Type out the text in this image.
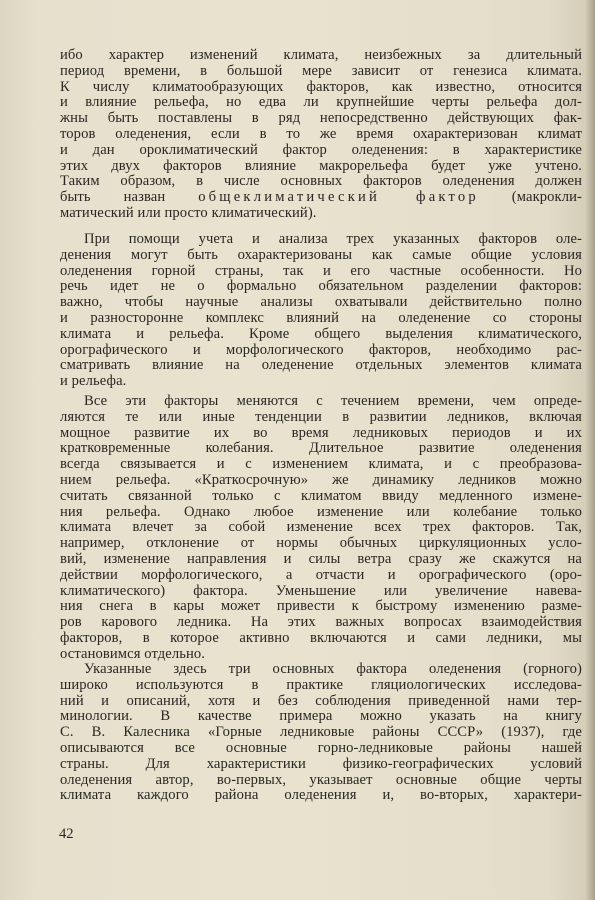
ибо характер изменений климата, неизбежных за длительный
период времени, в большой мере зависит от генезиса климата.
К числу климатообразующих факторов, как известно, относится
и влияние рельефа, но едва ли крупнейшие черты рельефа дол-
жны быть поставлены в ряд непосредственно действующих фак-
торов оледенения, если в то же время охарактеризован климат
и дан ороклиматический фактор оледенения: в характеристике
этих двух факторов влияние макрорельефа будет уже учтено.
Таким образом, в числе основных факторов оледенения должен
быть назван общеклиматический фактор (макрокли-
матический или просто климатический).
При помощи учета и анализа трех указанных факторов оле-
денения могут быть охарактеризованы как самые общие условия
оледенения горной страны, так и его частные особенности. Но
речь идет не о формально обязательном разделении факторов:
важно, чтобы научные анализы охватывали действительно полно
и разносторонне комплекс влияний на оледенение со стороны
климата и рельефа. Кроме общего выделения климатического,
орографического и морфологического факторов, необходимо рас-
сматривать влияние на оледенение отдельных элементов климата
и рельефа.
Все эти факторы меняются с течением времени, чем опреде-
ляются те или иные тенденции в развитии ледников, включая
мощное развитие их во время ледниковых периодов и их
кратковременные колебания. Длительное развитие оледенения
всегда связывается и с изменением климата, и с преобразова-
нием рельефа. «Краткосрочную» же динамику ледников можно
считать связанной только с климатом ввиду медленного измене-
ния рельефа. Однако любое изменение или колебание только
климата влечет за собой изменение всех трех факторов. Так,
например, отклонение от нормы обычных циркуляционных усло-
вий, изменение направления и силы ветра сразу же скажутся на
действии морфологического, а отчасти и орографического (оро-
климатического) фактора. Уменьшение или увеличение навева-
ния снега в кары может привести к быстрому изменению разме-
ров карового ледника. На этих важных вопросах взаимодействия
факторов, в которое активно включаются и сами ледники, мы
остановимся отдельно.
Указанные здесь три основных фактора оледенения (горного)
широко используются в практике гляциологических исследова-
ний и описаний, хотя и без соблюдения приведенной нами тер-
минологии. В качестве примера можно указать на книгу
С. В. Калесника «Горные ледниковые районы СССР» (1937), где
описываются все основные горно-ледниковые районы нашей
страны. Для характеристики физико-географических условий
оледенения автор, во-первых, указывает основные общие черты
климата каждого района оледенения и, во-вторых, характери-
42
